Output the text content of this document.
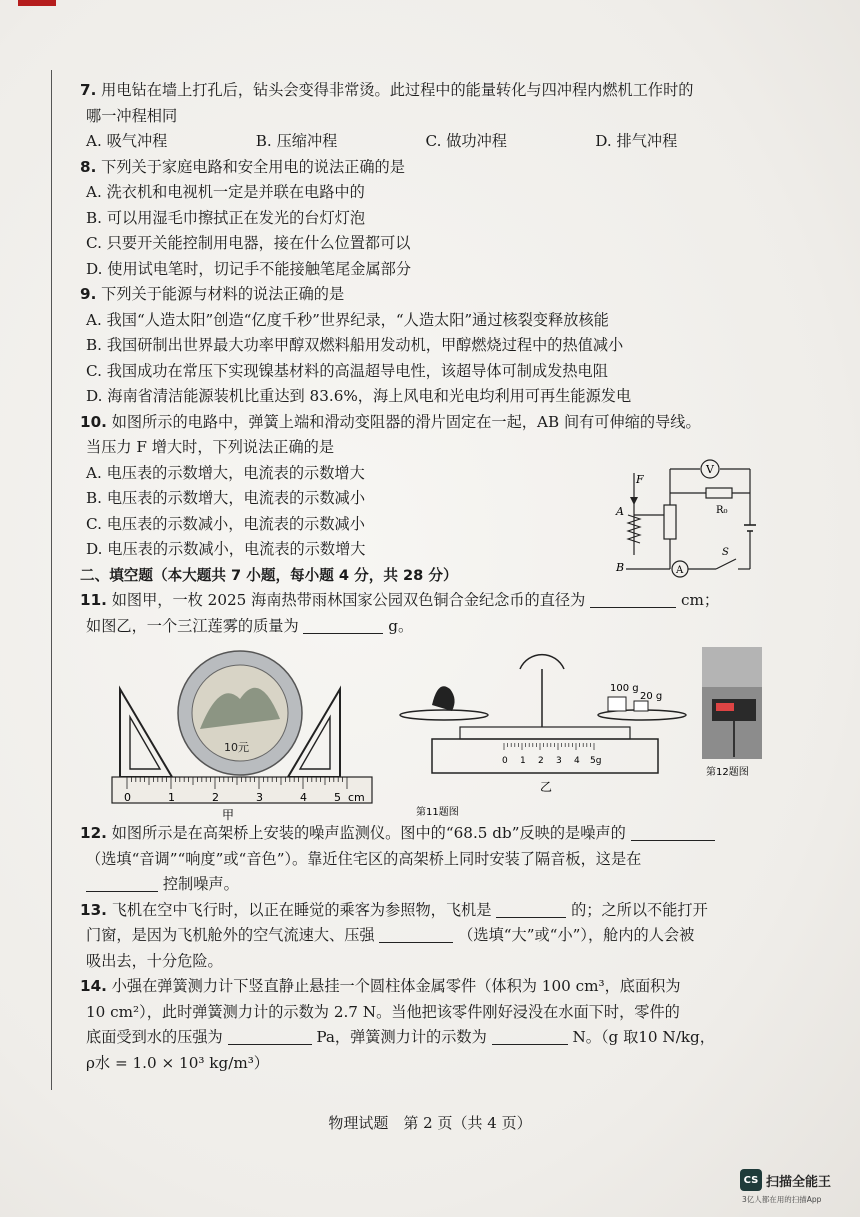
7. 用电钻在墙上打孔后，钻头会变得非常烫。此过程中的能量转化与四冲程内燃机工作时的
哪一冲程相同
A. 吸气冲程	B. 压缩冲程	C. 做功冲程	D. 排气冲程
8. 下列关于家庭电路和安全用电的说法正确的是
A. 洗衣机和电视机一定是并联在电路中的
B. 可以用湿毛巾擦拭正在发光的台灯灯泡
C. 只要开关能控制用电器，接在什么位置都可以
D. 使用试电笔时，切记手不能接触笔尾金属部分
9. 下列关于能源与材料的说法正确的是
A. 我国“人造太阳”创造“亿度千秒”世界纪录，“人造太阳”通过核裂变释放核能
B. 我国研制出世界最大功率甲醇双燃料船用发动机，甲醇燃烧过程中的热值减小
C. 我国成功在常压下实现镍基材料的高温超导电性，该超导体可制成发热电阻
D. 海南省清洁能源装机比重达到 83.6%，海上风电和光电均利用可再生能源发电
10. 如图所示的电路中，弹簧上端和滑动变阻器的滑片固定在一起，AB 间有可伸缩的导线。
当压力 F 增大时，下列说法正确的是
A. 电压表的示数增大，电流表的示数增大
B. 电压表的示数增大，电流表的示数减小
C. 电压表的示数减小，电流表的示数减小
D. 电压表的示数减小，电流表的示数增大
二、填空题（本大题共 7 小题，每小题 4 分，共 28 分）
11. 如图甲，一枚 2025 海南热带雨林国家公园双色铜合金纪念币的直径为	cm；
如图乙，一个三江莲雾的质量为	g。
10元
0	1	2	3	4 5 cm
甲
100 g
20 g
0 1 2 3 4 5g
乙
第11题图
第12题图
12. 如图所示是在高架桥上安装的噪声监测仪。图中的“68.5 db”反映的是噪声的
（选填“音调”“响度”或“音色”）。靠近住宅区的高架桥上同时安装了隔音板，这是在
控制噪声。
13. 飞机在空中飞行时，以正在睡觉的乘客为参照物，飞机是	的；之所以不能打开
门窗，是因为飞机舱外的空气流速大、压强	（选填“大”或“小”），舱内的人会被
吸出去，十分危险。
14. 小强在弹簧测力计下竖直静止悬挂一个圆柱体金属零件（体积为 100 cm³，底面积为
10 cm²），此时弹簧测力计的示数为 2.7 N。当他把该零件刚好浸没在水面下时，零件的
底面受到水的压强为	Pa，弹簧测力计的示数为	N。（g 取10 N/kg，
ρ水 = 1.0 × 10³ kg/m³）
V
R₀
F
A
B	A
S
物理试题　第 2 页（共 4 页）
CS 扫描全能王
3亿人都在用的扫描App
